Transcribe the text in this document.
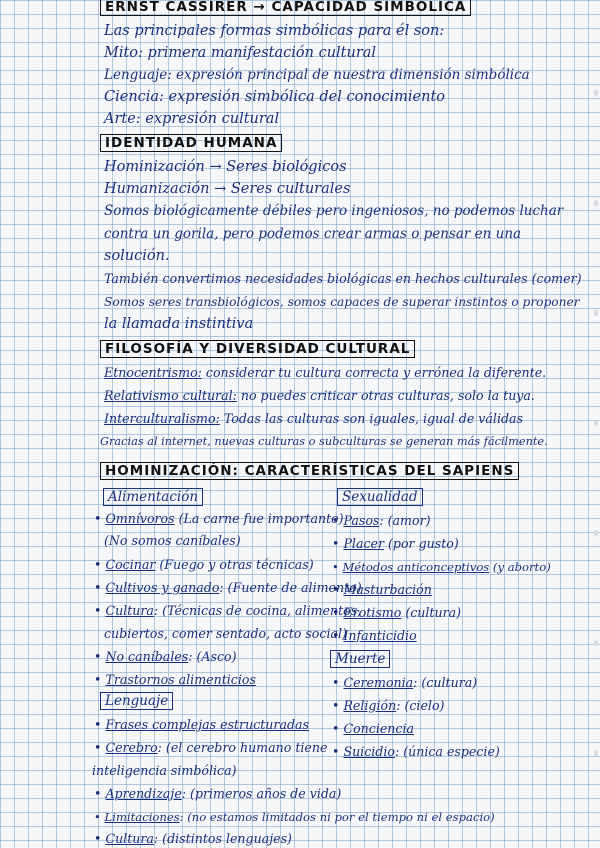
ERNST CASSIRER → CAPACIDAD SIMBÓLICA
Las principales formas simbólicas para él son:
Mito: primera manifestación cultural
Lenguaje: expresión principal de nuestra dimensión simbólica
Ciencia: expresión simbólica del conocimiento
Arte: expresión cultural
IDENTIDAD HUMANA
Hominización → Seres biológicos
Humanización → Seres culturales
Somos biológicamente débiles pero ingeniosos, no podemos luchar
contra un gorila, pero podemos crear armas o pensar en una
solución.
También convertimos necesidades biológicas en hechos culturales (comer)
Somos seres transbiológicos, somos capaces de superar instintos o proponer
la llamada instintiva
FILOSOFÍA Y DIVERSIDAD CULTURAL
Etnocentrismo: considerar tu cultura correcta y errónea la diferente.
Relativismo cultural: no puedes criticar otras culturas, solo la tuya.
Interculturalismo: Todas las culturas son iguales, igual de válidas
Gracias al internet, nuevas culturas o subculturas se generan más fácilmente.
HOMINIZACIÓN: CARACTERÍSTICAS DEL SAPIENS
Alimentación
• Omnívoros (La carne fue importante)
(No somos caníbales)
• Cocinar (Fuego y otras técnicas)
• Cultivos y ganado: (Fuente de alimento)
• Cultura: (Técnicas de cocina, alimentos,
cubiertos, comer sentado, acto social)
• No caníbales: (Asco)
• Trastornos alimenticios
Sexualidad
• Pasos: (amor)
• Placer (por gusto)
• Métodos anticonceptivos (y aborto)
• Masturbación
• Erotismo (cultura)
• Infanticidio
Muerte
• Ceremonia: (cultura)
• Religión: (cielo)
• Conciencia
• Suicidio: (única especie)
Lenguaje
• Frases complejas estructuradas
• Cerebro: (el cerebro humano tiene
inteligencia simbólica)
• Aprendizaje: (primeros años de vida)
• Limitaciones: (no estamos limitados ni por el tiempo ni el espacio)
• Cultura: (distintos lenguajes)
